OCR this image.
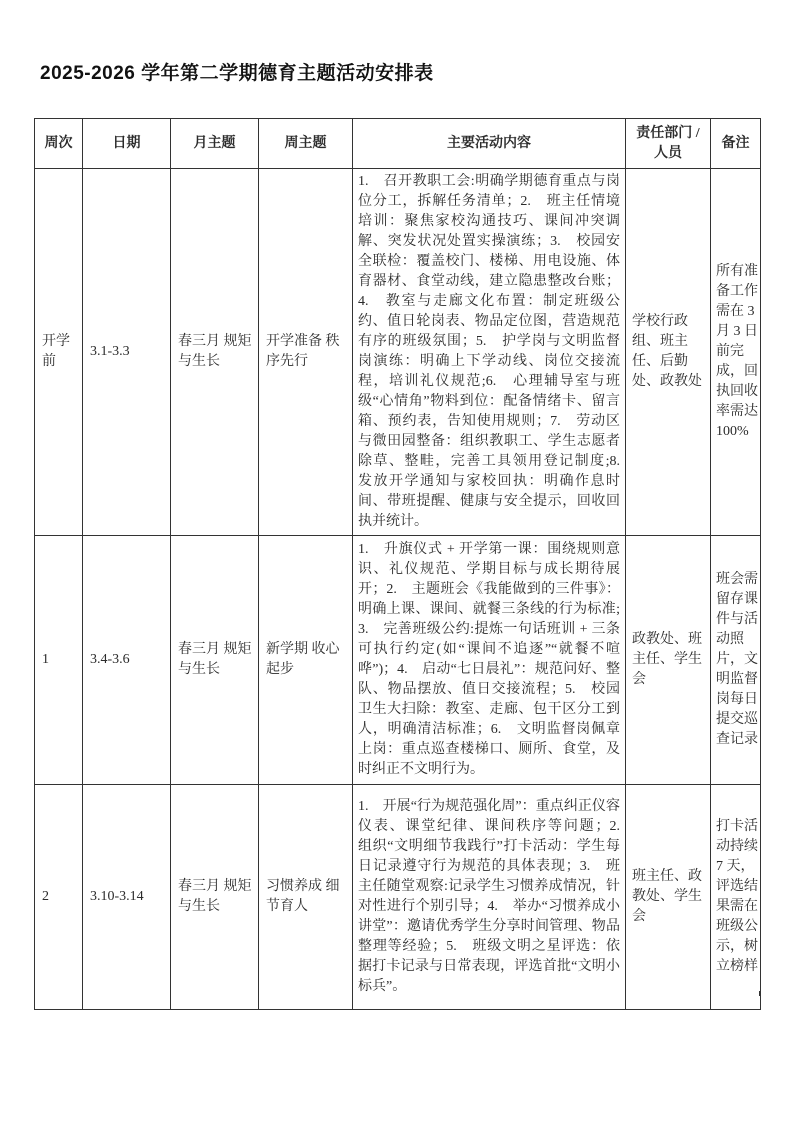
2025-2026 学年第二学期德育主题活动安排表
周次	日期	月主题	周主题	主要活动内容	责任部门 / 人员	备注
开学前	3.1-3.3	春三月 规矩与生长	开学准备 秩序先行	1.　召开教职工会:明确学期德育重点与岗位分工，拆解任务清单；2.　班主任情境培训：聚焦家校沟通技巧、课间冲突调解、突发状况处置实操演练；3.　校园安全联检：覆盖校门、楼梯、用电设施、体育器材、食堂动线，建立隐患整改台账；4.　教室与走廊文化布置：制定班级公约、值日轮岗表、物品定位图，营造规范有序的班级氛围；5.　护学岗与文明监督岗演练：明确上下学动线、岗位交接流程，培训礼仪规范;6.　心理辅导室与班级“心情角”物料到位：配备情绪卡、留言箱、预约表，告知使用规则；7.　劳动区与微田园整备：组织教职工、学生志愿者除草、整畦，完善工具领用登记制度;8.　发放开学通知与家校回执：明确作息时间、带班提醒、健康与安全提示，回收回执并统计。	学校行政组、班主任、后勤处、政教处	所有准备工作需在 3 月 3 日前完成，回执回收率需达 100%
1	3.4-3.6	春三月 规矩与生长	新学期 收心起步	1.　升旗仪式 + 开学第一课：围绕规则意识、礼仪规范、学期目标与成长期待展开；2.　主题班会《我能做到的三件事》：明确上课、课间、就餐三条线的行为标准;3.　完善班级公约:提炼一句话班训 + 三条可执行约定(如“课间不追逐”“就餐不喧哗”)；4.　启动“七日晨礼”：规范问好、整队、物品摆放、值日交接流程；5.　校园卫生大扫除：教室、走廊、包干区分工到人，明确清洁标准；6.　文明监督岗佩章上岗：重点巡查楼梯口、厕所、食堂，及时纠正不文明行为。	政教处、班主任、学生会	班会需留存课件与活动照片，文明监督岗每日提交巡查记录
2	3.10-3.14	春三月 规矩与生长	习惯养成 细节育人	1.　开展“行为规范强化周”：重点纠正仪容仪表、课堂纪律、课间秩序等问题；2.　组织“文明细节我践行”打卡活动：学生每日记录遵守行为规范的具体表现；3.　班主任随堂观察:记录学生习惯养成情况，针对性进行个别引导；4.　举办“习惯养成小讲堂”：邀请优秀学生分享时间管理、物品整理等经验；5.　班级文明之星评选：依据打卡记录与日常表现，评选首批“文明小标兵”。	班主任、政教处、学生会	打卡活动持续 7 天，评选结果需在班级公示，树立榜样
